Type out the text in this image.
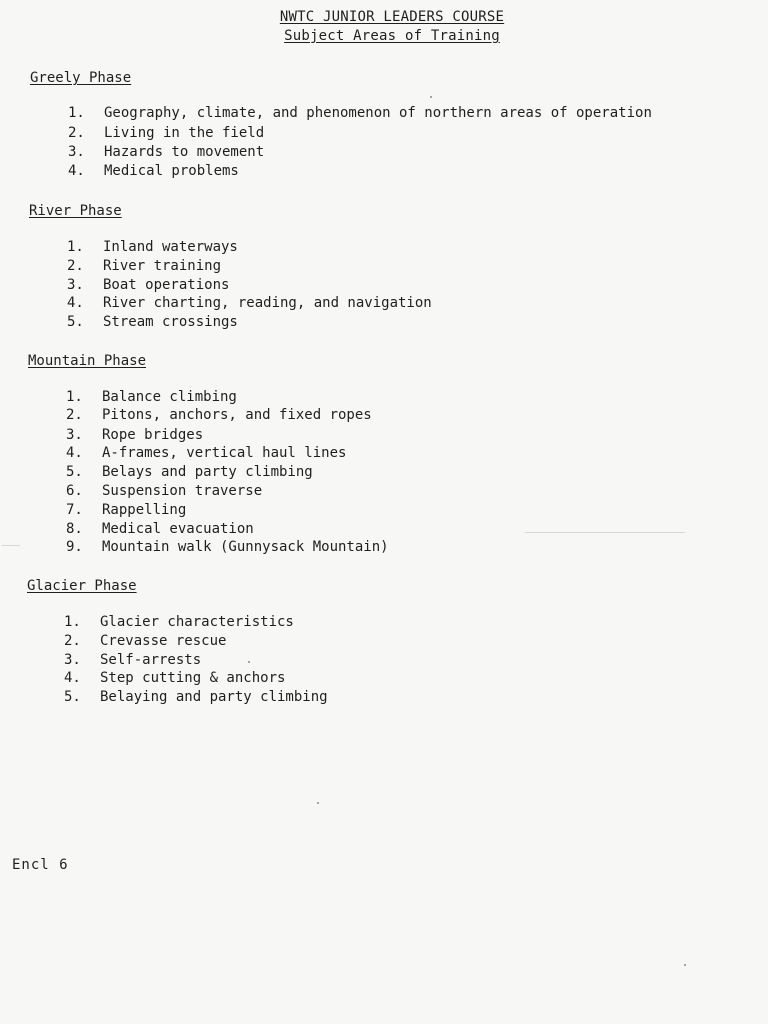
NWTC JUNIOR LEADERS COURSE
Subject Areas of Training
Greely Phase
1. Geography, climate, and phenomenon of northern areas of operation
2. Living in the field
3. Hazards to movement
4. Medical problems
River Phase
1. Inland waterways
2. River training
3. Boat operations
4. River charting, reading, and navigation
5. Stream crossings
Mountain Phase
1. Balance climbing
2. Pitons, anchors, and fixed ropes
3. Rope bridges
4. A-frames, vertical haul lines
5. Belays and party climbing
6. Suspension traverse
7. Rappelling
8. Medical evacuation
9. Mountain walk (Gunnysack Mountain)
Glacier Phase
1. Glacier characteristics
2. Crevasse rescue
3. Self-arrests
4. Step cutting & anchors
5. Belaying and party climbing
Encl 6
